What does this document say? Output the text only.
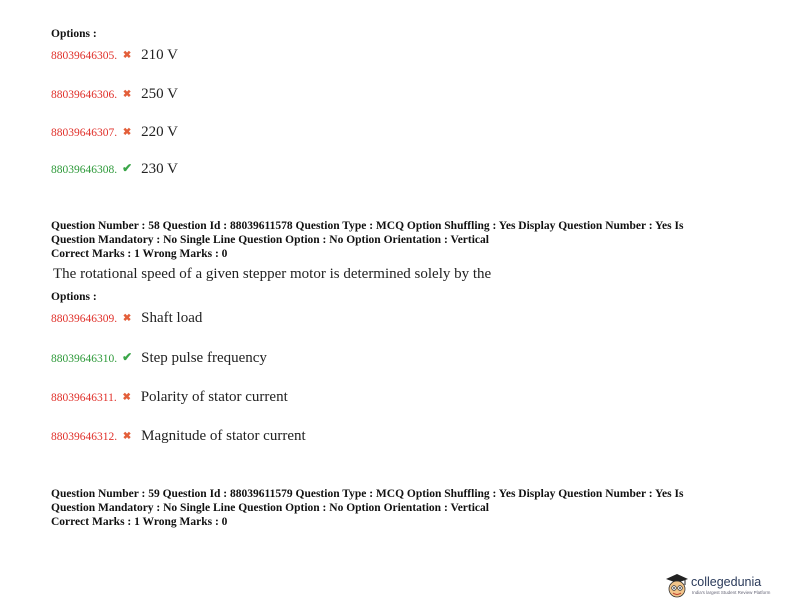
Options :
88039646305. ✖ 210 V
88039646306. ✖ 250 V
88039646307. ✖ 220 V
88039646308. ✔ 230 V
Question Number : 58 Question Id : 88039611578 Question Type : MCQ Option Shuffling : Yes Display Question Number : Yes Is
Question Mandatory : No Single Line Question Option : No Option Orientation : Vertical
Correct Marks : 1 Wrong Marks : 0
The rotational speed of a given stepper motor is determined solely by the
Options :
88039646309. ✖ Shaft load
88039646310. ✔ Step pulse frequency
88039646311. ✖ Polarity of stator current
88039646312. ✖ Magnitude of stator current
Question Number : 59 Question Id : 88039611579 Question Type : MCQ Option Shuffling : Yes Display Question Number : Yes Is
Question Mandatory : No Single Line Question Option : No Option Orientation : Vertical
Correct Marks : 1 Wrong Marks : 0
collegedunia
India's largest Student Review Platform
